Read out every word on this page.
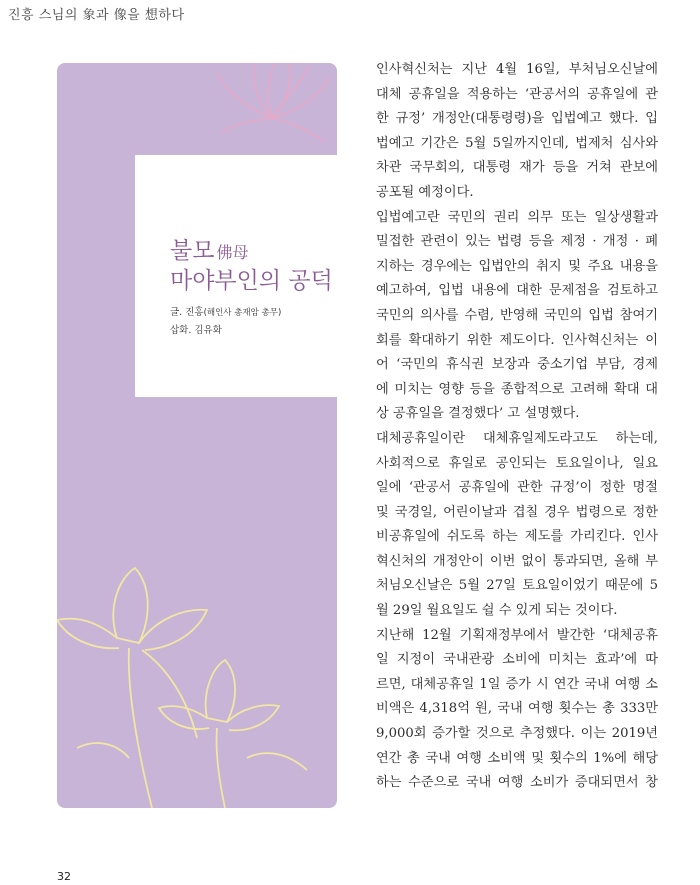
진흥 스님의 象과 像을 想하다
불모 佛母
마야부인의 공덕
글. 진홍(해인사 총재암 총무)
삽화. 김유화

인사혁신처는 지난 4월 16일, 부처님오신날에

대체 공휴일을 적용하는 ‘관공서의 공휴일에 관

한 규정’ 개정안(대통령령)을 입법예고 했다. 입

법예고 기간은 5월 5일까지인데, 법제처 심사와

차관 국무회의, 대통령 재가 등을 거쳐 관보에

공포될 예정이다.

입법예고란 국민의 권리 의무 또는 일상생활과

밀접한 관련이 있는 법령 등을 제정 · 개정 · 폐

지하는 경우에는 입법안의 취지 및 주요 내용을

예고하여, 입법 내용에 대한 문제점을 검토하고

국민의 의사를 수렴, 반영해 국민의 입법 참여기

회를 확대하기 위한 제도이다. 인사혁신처는 이

어 ‘국민의 휴식권 보장과 중소기업 부담, 경제

에 미치는 영향 등을 종합적으로 고려해 확대 대

상 공휴일을 결정했다’ 고 설명했다.

대체공휴일이란 대체휴일제도라고도 하는데,

사회적으로 휴일로 공인되는 토요일이나, 일요

일에 ‘관공서 공휴일에 관한 규정’이 정한 명절

및 국경일, 어린이날과 겹칠 경우 법령으로 정한

비공휴일에 쉬도록 하는 제도를 가리킨다. 인사

혁신처의 개정안이 이번 없이 통과되면, 올해 부

처님오신날은 5월 27일 토요일이었기 때문에 5

월 29일 월요일도 쉴 수 있게 되는 것이다.

지난해 12월 기획재정부에서 발간한 ‘대체공휴

일 지정이 국내관광 소비에 미치는 효과’에 따

르면, 대체공휴일 1일 증가 시 연간 국내 여행 소

비액은 4,318억 원, 국내 여행 횟수는 총 333만

9,000회 증가할 것으로 추정했다. 이는 2019년

연간 총 국내 여행 소비액 및 횟수의 1%에 해당

하는 수준으로 국내 여행 소비가 증대되면서 창

32
